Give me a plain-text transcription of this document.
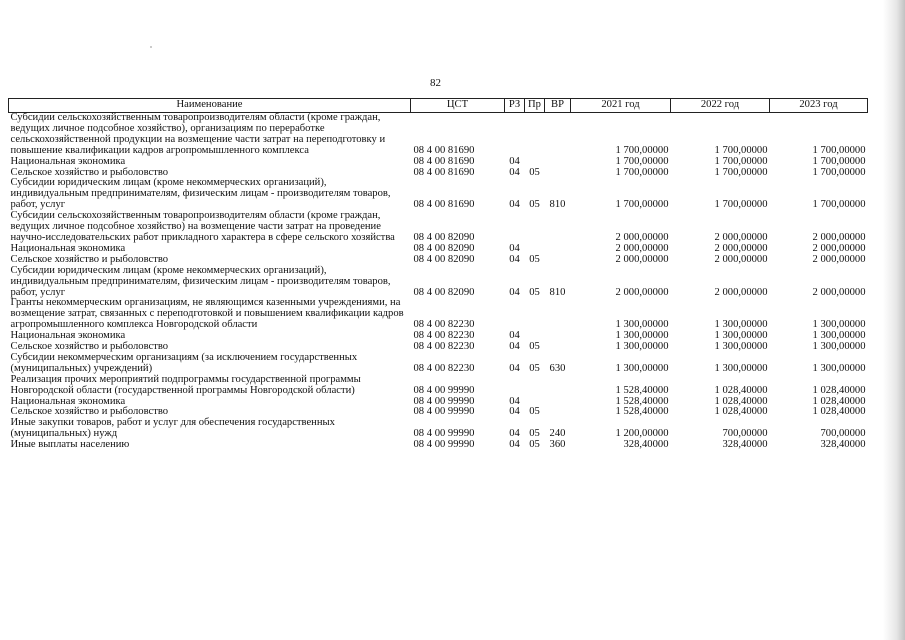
82
Наименование	ЦСТ	РЗ	Пр	ВР	2021 год	2022 год	2023 год
Субсидии сельскохозяйственным товаропроизводителям области (кроме граждан, ведущих личное подсобное хозяйство), организациям по переработке сельскохозяйственной продукции на возмещение части затрат на переподготовку и повышение квалификации кадров агропромышленного комплекса	08 4 00 81690				1 700,00000	1 700,00000	1 700,00000
Национальная экономика	08 4 00 81690	04			1 700,00000	1 700,00000	1 700,00000
Сельское хозяйство и рыболовство	08 4 00 81690	04	05		1 700,00000	1 700,00000	1 700,00000
Субсидии юридическим лицам (кроме некоммерческих организаций), индивидуальным предпринимателям, физическим лицам - производителям товаров, работ, услуг	08 4 00 81690	04	05	810	1 700,00000	1 700,00000	1 700,00000
Субсидии сельскохозяйственным товаропроизводителям области (кроме граждан, ведущих личное подсобное хозяйство) на возмещение части затрат на проведение научно-исследовательских работ прикладного характера в сфере сельского хозяйства	08 4 00 82090				2 000,00000	2 000,00000	2 000,00000
Национальная экономика	08 4 00 82090	04			2 000,00000	2 000,00000	2 000,00000
Сельское хозяйство и рыболовство	08 4 00 82090	04	05		2 000,00000	2 000,00000	2 000,00000
Субсидии юридическим лицам (кроме некоммерческих организаций), индивидуальным предпринимателям, физическим лицам - производителям товаров, работ, услуг	08 4 00 82090	04	05	810	2 000,00000	2 000,00000	2 000,00000
Гранты некоммерческим организациям, не являющимся казенными учреждениями, на возмещение затрат, связанных с переподготовкой и повышением квалификации кадров агропромышленного комплекса Новгородской области	08 4 00 82230				1 300,00000	1 300,00000	1 300,00000
Национальная экономика	08 4 00 82230	04			1 300,00000	1 300,00000	1 300,00000
Сельское хозяйство и рыболовство	08 4 00 82230	04	05		1 300,00000	1 300,00000	1 300,00000
Субсидии некоммерческим организациям (за исключением государственных (муниципальных) учреждений)	08 4 00 82230	04	05	630	1 300,00000	1 300,00000	1 300,00000
Реализация прочих мероприятий подпрограммы государственной программы Новгородской области (государственной программы Новгородской области)	08 4 00 99990				1 528,40000	1 028,40000	1 028,40000
Национальная экономика	08 4 00 99990	04			1 528,40000	1 028,40000	1 028,40000
Сельское хозяйство и рыболовство	08 4 00 99990	04	05		1 528,40000	1 028,40000	1 028,40000
Иные закупки товаров, работ и услуг для обеспечения государственных (муниципальных) нужд	08 4 00 99990	04	05	240	1 200,00000	700,00000	700,00000
Иные выплаты населению	08 4 00 99990	04	05	360	328,40000	328,40000	328,40000
